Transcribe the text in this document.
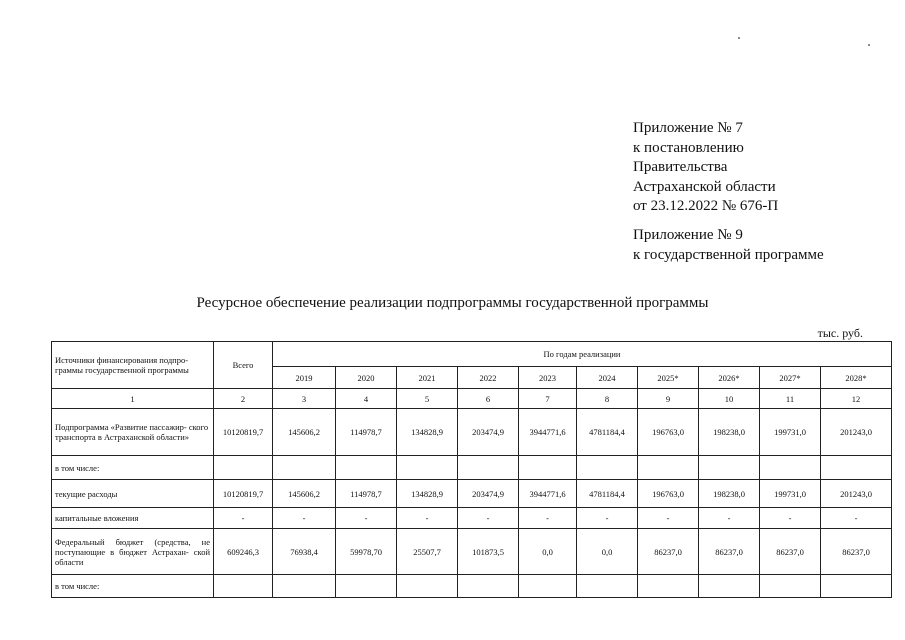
Приложение № 7
к постановлению
Правительства
Астраханской области
от 23.12.2022 № 676-П
Приложение № 9
к государственной программе
Ресурсное обеспечение реализации подпрограммы государственной программы
тыс. руб.
Источники финансирования подпро- граммы государственной программы	Всего	По годам реализации									
		2019	2020	2021	2022	2023	2024	2025*	2026*	2027*	2028*
1	2	3	4	5	6	7	8	9	10	11	12
Подпрограмма «Развитие пассажир- ского транспорта в Астраханской области»	10120819,7	145606,2	114978,7	134828,9	203474,9	3944771,6	4781184,4	196763,0	198238,0	199731,0	201243,0
в том числе:											
текущие расходы	10120819,7	145606,2	114978,7	134828,9	203474,9	3944771,6	4781184,4	196763,0	198238,0	199731,0	201243,0
капитальные вложения	-	-	-	-	-	-	-	-	-	-	-
Федеральный бюджет (средства, не поступающие в бюджет Астрахан- ской области	609246,3	76938,4	59978,70	25507,7	101873,5	0,0	0,0	86237,0	86237,0	86237,0	86237,0
в том числе:											
